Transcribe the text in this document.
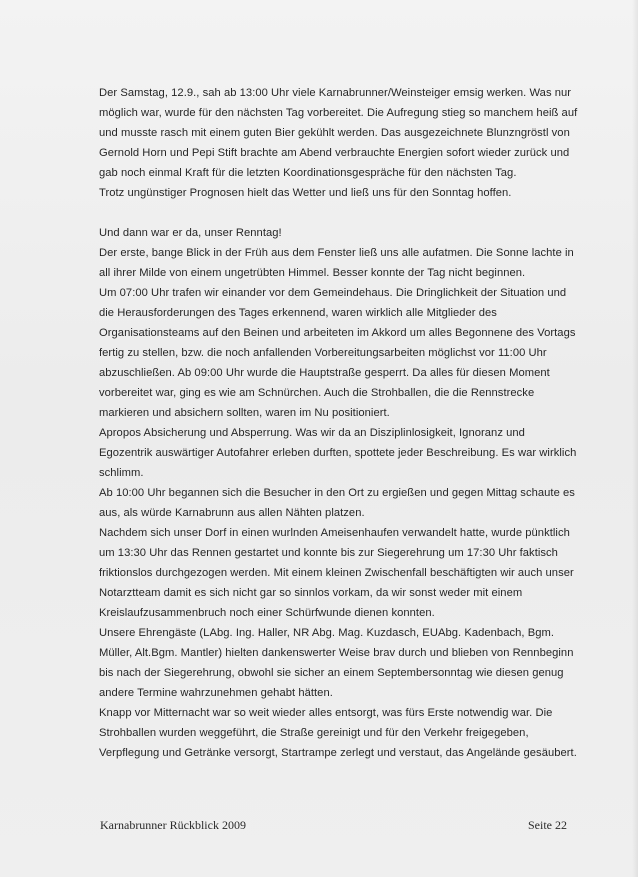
Der Samstag, 12.9., sah ab 13:00 Uhr viele Karnabrunner/Weinsteiger emsig werken. Was nur möglich war, wurde für den nächsten Tag vorbereitet. Die Aufregung stieg so manchem heiß auf und musste rasch mit einem guten Bier gekühlt werden. Das ausgezeichnete Blunzngröstl von Gernold Horn und Pepi Stift brachte am Abend verbrauchte Energien sofort wieder zurück und gab noch einmal Kraft für die letzten Koordinationsgespräche für den nächsten Tag.

Trotz ungünstiger Prognosen hielt das Wetter und ließ uns für den Sonntag hoffen.

Und dann war er da, unser Renntag!

Der erste, bange Blick in der Früh aus dem Fenster ließ uns alle aufatmen. Die Sonne lachte in all ihrer Milde von einem ungetrübten Himmel. Besser konnte der Tag nicht beginnen.

Um 07:00 Uhr trafen wir einander vor dem Gemeindehaus. Die Dringlichkeit der Situation und die Herausforderungen des Tages erkennend, waren wirklich alle Mitglieder des Organisationsteams auf den Beinen und arbeiteten im Akkord um alles Begonnene des Vortags fertig zu stellen, bzw. die noch anfallenden Vorbereitungsarbeiten möglichst vor 11:00 Uhr abzuschließen. Ab 09:00 Uhr wurde die Hauptstraße gesperrt. Da alles für diesen Moment vorbereitet war, ging es wie am Schnürchen. Auch die Strohballen, die die Rennstrecke markieren und absichern sollten, waren im Nu positioniert.

Apropos Absicherung und Absperrung. Was wir da an Disziplinlosigkeit, Ignoranz und Egozentrik auswärtiger Autofahrer erleben durften, spottete jeder Beschreibung. Es war wirklich schlimm.

Ab 10:00 Uhr begannen sich die Besucher in den Ort zu ergießen und gegen Mittag schaute es aus, als würde Karnabrunn aus allen Nähten platzen.

Nachdem sich unser Dorf in einen wurlnden Ameisenhaufen verwandelt hatte, wurde pünktlich um 13:30 Uhr das Rennen gestartet und konnte bis zur Siegerehrung um 17:30 Uhr faktisch friktionslos durchgezogen werden. Mit einem kleinen Zwischenfall beschäftigten wir auch unser Notarztteam damit es sich nicht gar so sinnlos vorkam, da wir sonst weder mit einem Kreislaufzusammenbruch noch einer Schürfwunde dienen konnten.

Unsere Ehrengäste (LAbg. Ing. Haller, NR Abg. Mag. Kuzdasch, EUAbg. Kadenbach, Bgm. Müller, Alt.Bgm. Mantler) hielten dankenswerter Weise brav durch und blieben von Rennbeginn bis nach der Siegerehrung, obwohl sie sicher an einem Septembersonntag wie diesen genug andere Termine wahrzunehmen gehabt hätten.

Knapp vor Mitternacht war so weit wieder alles entsorgt, was fürs Erste notwendig war. Die Strohballen wurden weggeführt, die Straße gereinigt und für den Verkehr freigegeben, Verpflegung und Getränke versorgt, Startrampe zerlegt und verstaut, das Angelände gesäubert.

Karnabrunner Rückblick 2009	Seite 22
